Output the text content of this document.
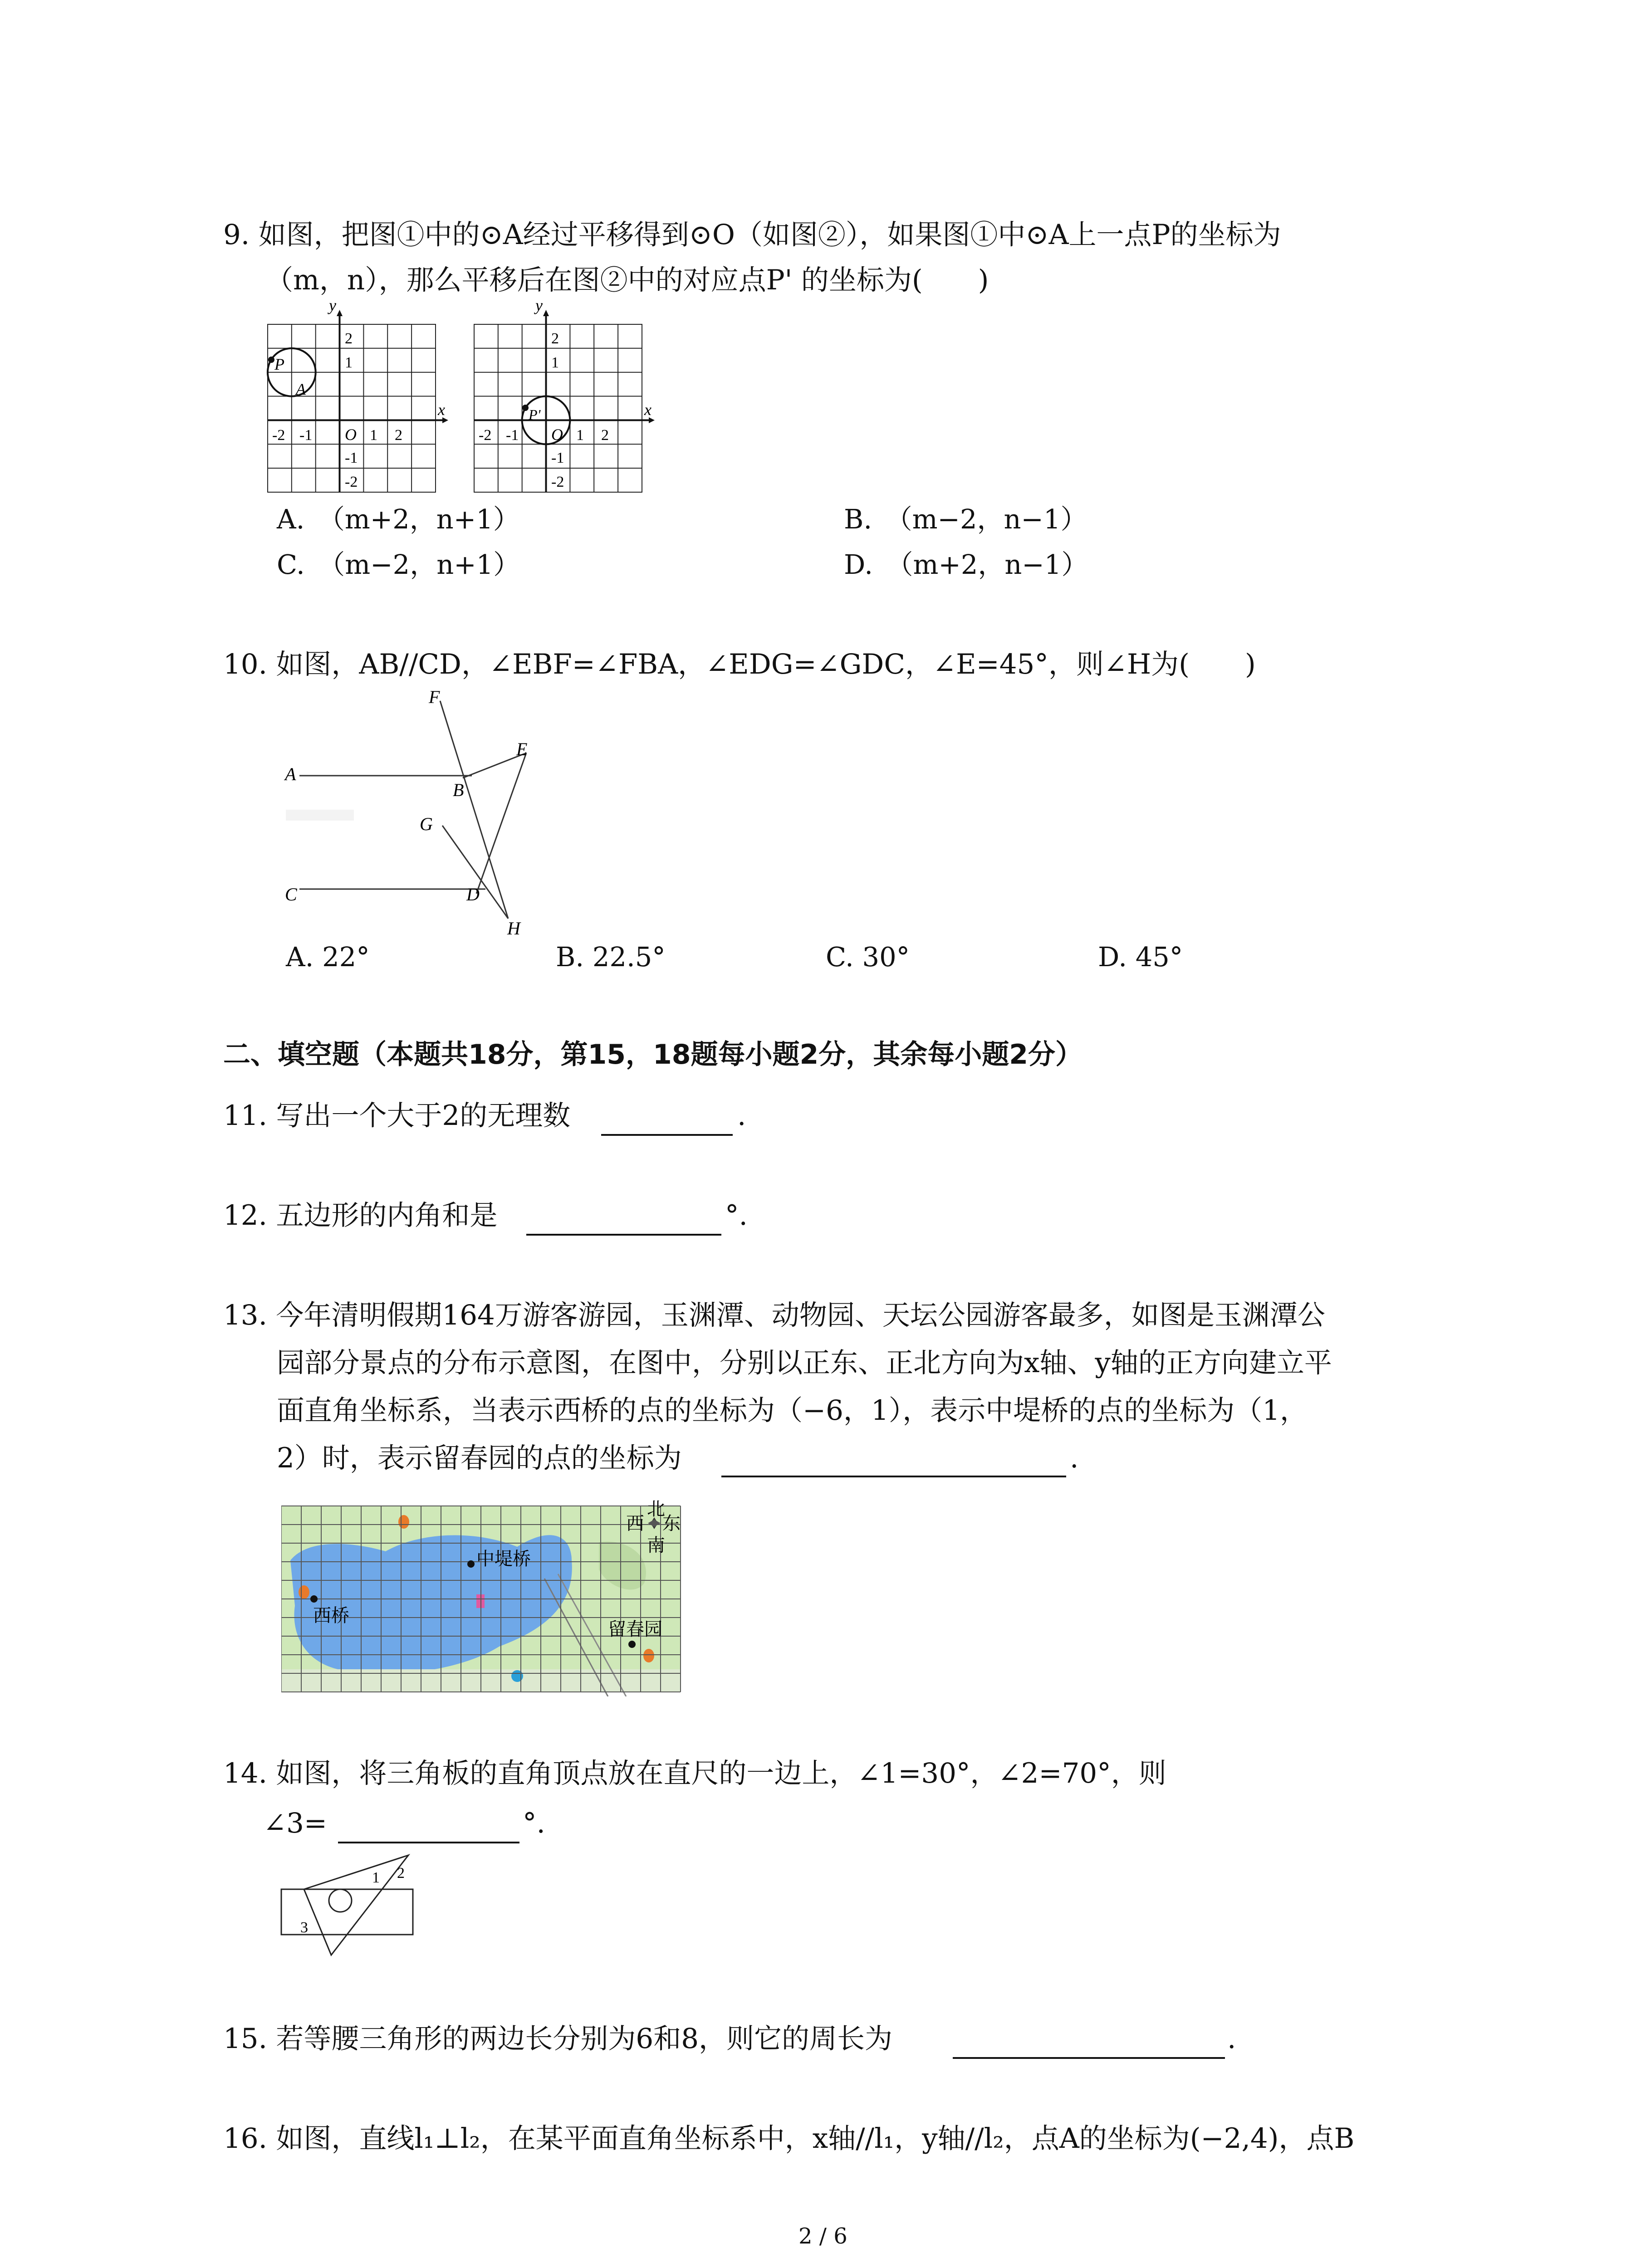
9. 如图，把图①中的⊙A经过平移得到⊙O（如图②），如果图①中⊙A上一点P的坐标为
（m，n），那么平移后在图②中的对应点P' 的坐标为(　　)
y
x
O
P
A
-2 -1	1 2
2
1
-1
-2
y
x
O
P'
-2 -1	1 2
2
1
-1
-2
A.　（m+2，n+1）	B.　（m−2，n−1）
C.　（m−2，n+1）	D.　（m+2，n−1）
10. 如图，AB//CD，∠EBF=∠FBA，∠EDG=∠GDC，∠E=45°，则∠H为(　　)
F
E
A
B
G
C	D
H
A. 22°	B. 22.5°	C. 30°	D. 45°
二、填空题（本题共18分，第15，18题每小题2分，其余每小题2分）
11. 写出一个大于2的无理数	.
12. 五边形的内角和是	°.
13. 今年清明假期164万游客游园，玉渊潭、动物园、天坛公园游客最多，如图是玉渊潭公
园部分景点的分布示意图，在图中，分别以正东、正北方向为x轴、y轴的正方向建立平
面直角坐标系，当表示西桥的点的坐标为（−6，1），表示中堤桥的点的坐标为（1，
2）时，表示留春园的点的坐标为	.
西桥
中堤桥
留春园
北
西 东
南
14. 如图，将三角板的直角顶点放在直尺的一边上，∠1=30°，∠2=70°，则
∠3=	°.
1 2
3
15. 若等腰三角形的两边长分别为6和8，则它的周长为	.
16. 如图，直线l₁⊥l₂，在某平面直角坐标系中，x轴//l₁，y轴//l₂，点A的坐标为(−2,4)，点B
2 / 6
